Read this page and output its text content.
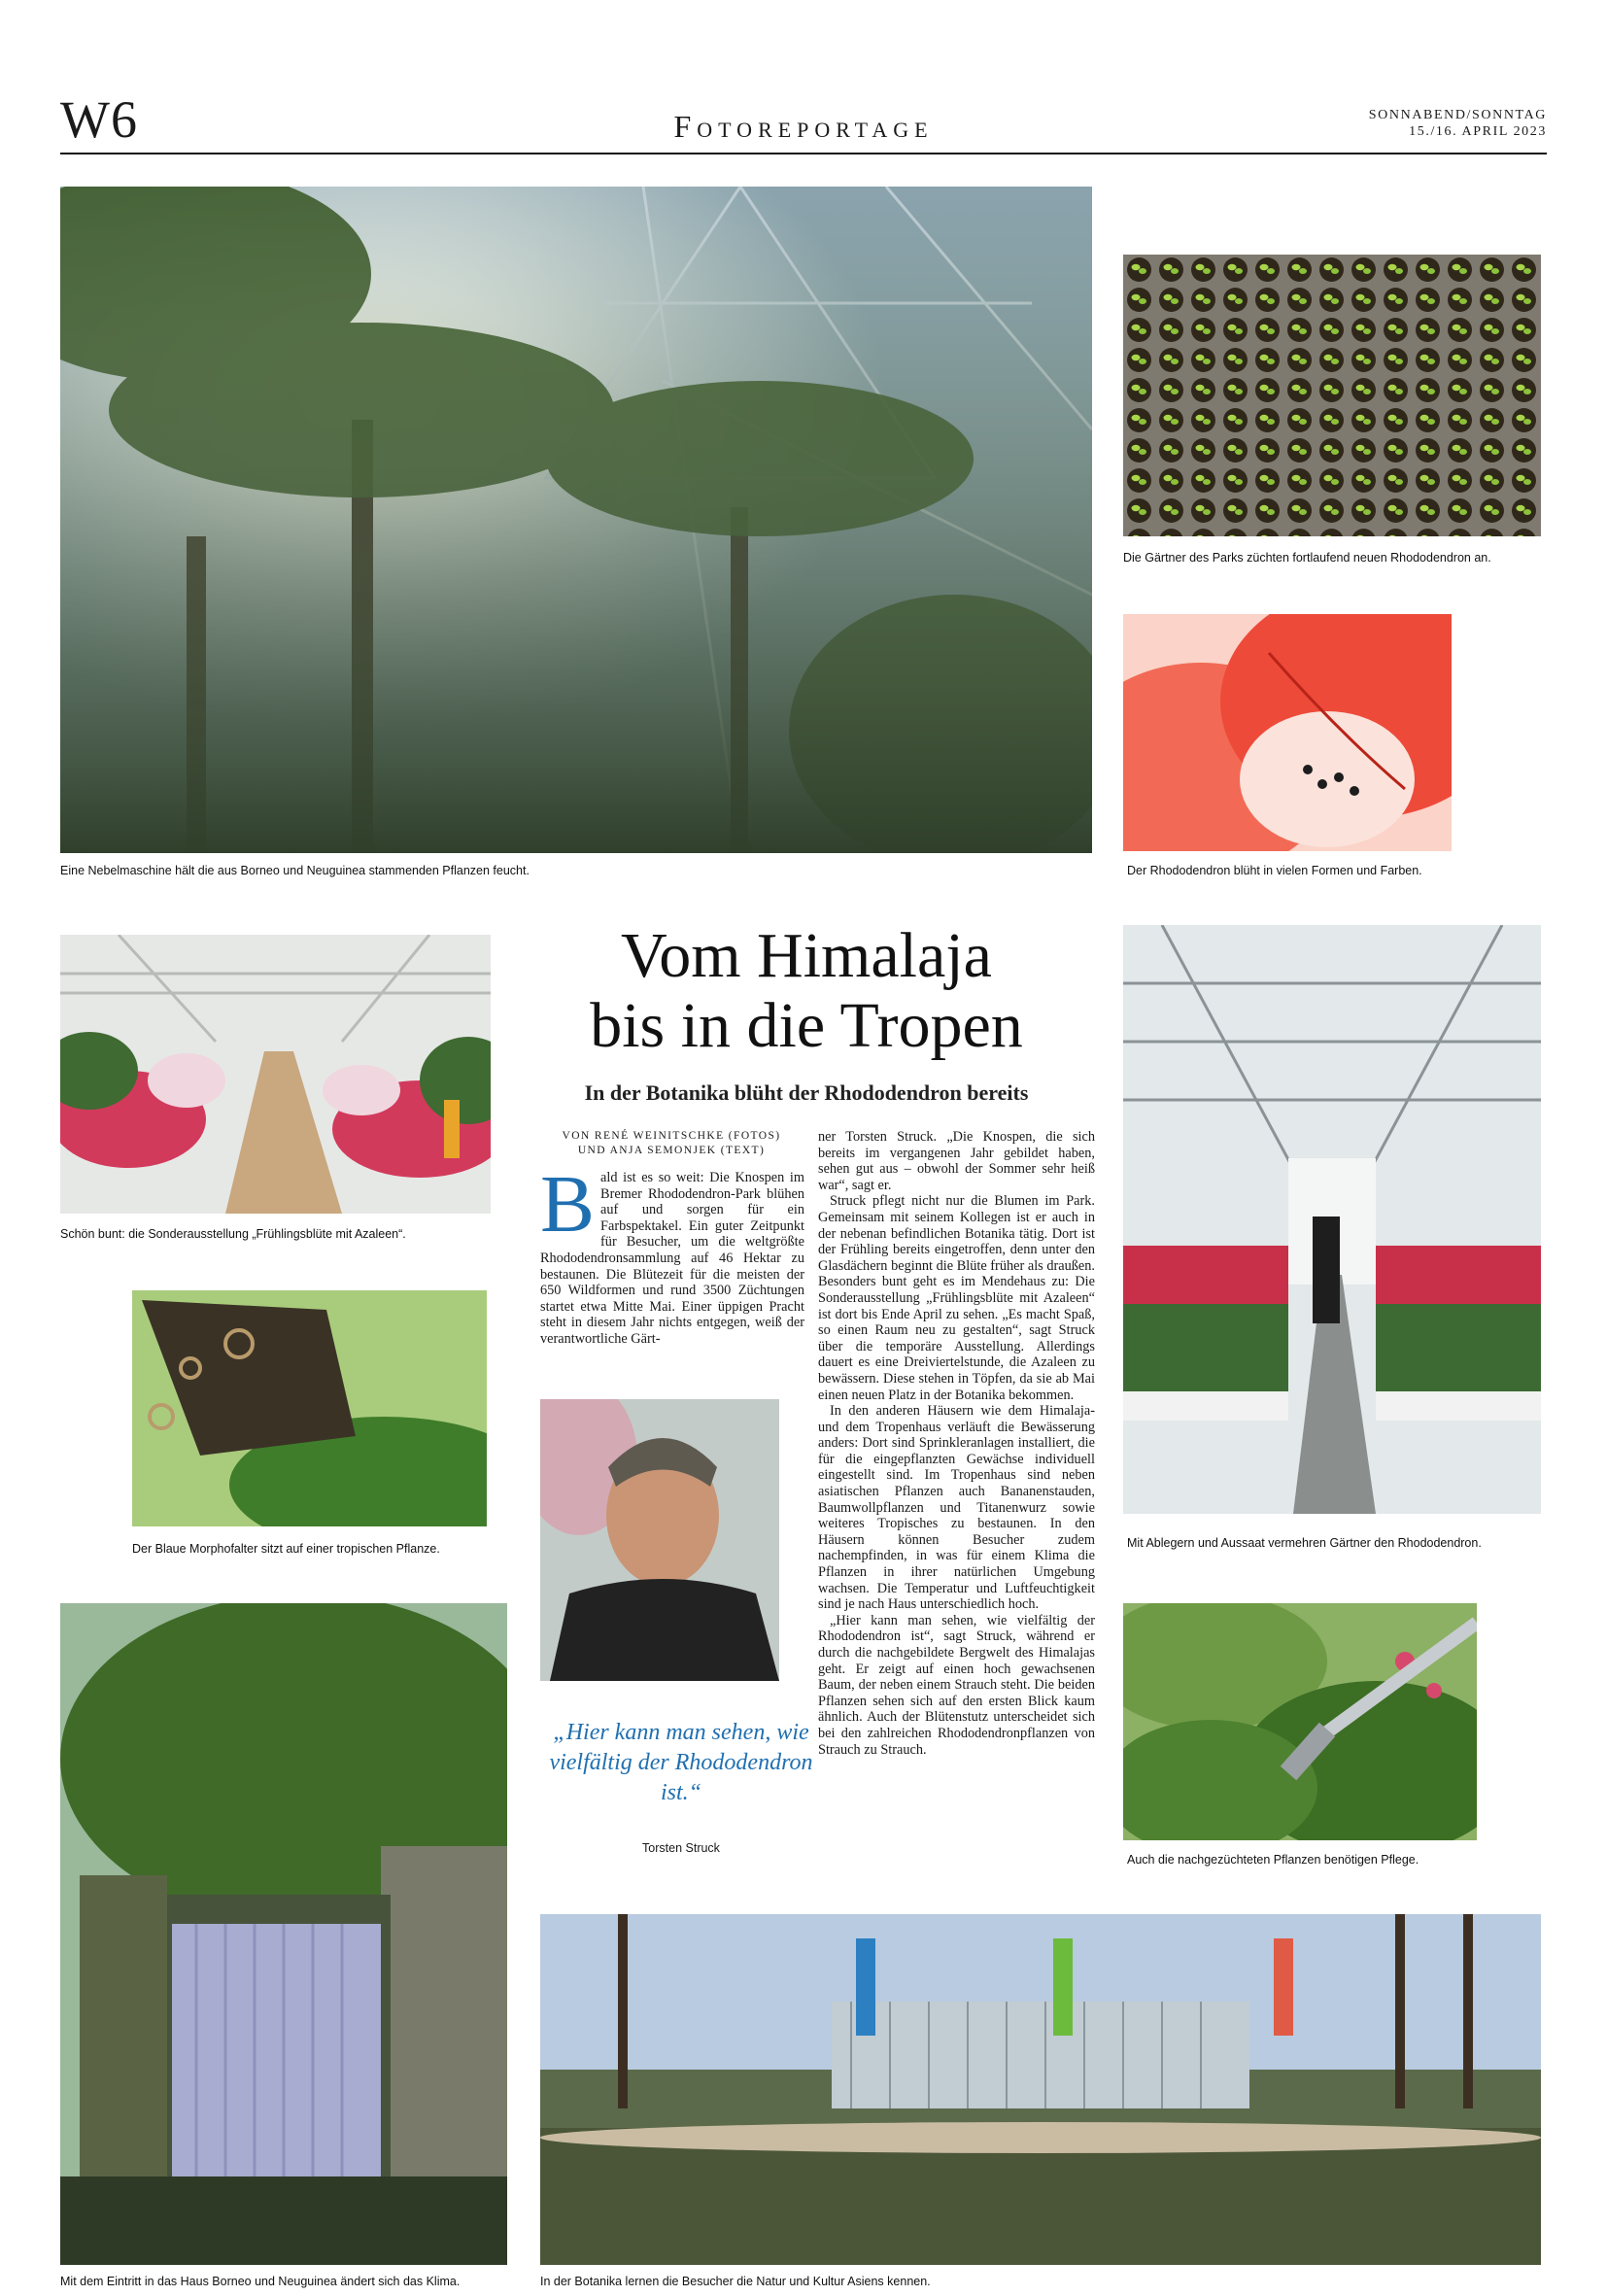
W6	Fotoreportage	SONNABEND/SONNTAG
15./16. APRIL 2023
Eine Nebelmaschine hält die aus Borneo und Neuguinea stammenden Pflanzen feucht.
Die Gärtner des Parks züchten fortlaufend neuen Rhododendron an.
Der Rhododendron blüht in vielen Formen und Farben.
Schön bunt: die Sonderausstellung „Frühlingsblüte mit Azaleen“.
Der Blaue Morphofalter sitzt auf einer tropischen Pflanze.
Mit dem Eintritt in das Haus Borneo und Neuguinea ändert sich das Klima.
Vom Himalaja
bis in die Tropen
In der Botanika blüht der Rhododendron bereits
VON RENÉ WEINITSCHKE (FOTOS)
UND ANJA SEMONJEK (TEXT)

Bald ist es so weit: Die Knospen im Bremer Rhododendron-Park blühen auf und sorgen für ein Farbspektakel. Ein guter Zeitpunkt für Besucher, um die weltgrößte Rhododendronsammlung auf 46 Hektar zu bestaunen. Die Blütezeit für die meisten der 650 Wildformen und rund 3500 Züchtungen startet etwa Mitte Mai. Einer üppigen Pracht steht in diesem Jahr nichts entgegen, weiß der verantwortliche Gärt-

„Hier kann man sehen, wie vielfältig der Rhododendron ist.“
Torsten Struck

ner Torsten Struck. „Die Knospen, die sich bereits im vergangenen Jahr gebildet haben, sehen gut aus – obwohl der Sommer sehr heiß war“, sagt er.

Struck pflegt nicht nur die Blumen im Park. Gemeinsam mit seinem Kollegen ist er auch in der nebenan befindlichen Botanika tätig. Dort ist der Frühling bereits eingetroffen, denn unter den Glasdächern beginnt die Blüte früher als draußen. Besonders bunt geht es im Mendehaus zu: Die Sonderausstellung „Frühlingsblüte mit Azaleen“ ist dort bis Ende April zu sehen. „Es macht Spaß, so einen Raum neu zu gestalten“, sagt Struck über die temporäre Ausstellung. Allerdings dauert es eine Dreiviertelstunde, die Azaleen zu bewässern. Diese stehen in Töpfen, da sie ab Mai einen neuen Platz in der Botanika bekommen.

In den anderen Häusern wie dem Himalaja- und dem Tropenhaus verläuft die Bewässerung anders: Dort sind Sprinkleranlagen installiert, die für die eingepflanzten Gewächse individuell eingestellt sind. Im Tropenhaus sind neben asiatischen Pflanzen auch Bananenstauden, Baumwollpflanzen und Titanenwurz sowie weiteres Tropisches zu bestaunen. In den Häusern können Besucher zudem nachempfinden, in was für einem Klima die Pflanzen in ihrer natürlichen Umgebung wachsen. Die Temperatur und Luftfeuchtigkeit sind je nach Haus unterschiedlich hoch.

„Hier kann man sehen, wie vielfältig der Rhododendron ist“, sagt Struck, während er durch die nachgebildete Bergwelt des Himalajas geht. Er zeigt auf einen hoch gewachsenen Baum, der neben einem Strauch steht. Die beiden Pflanzen sehen sich auf den ersten Blick kaum ähnlich. Auch der Blütenstutz unterscheidet sich bei den zahlreichen Rhododendronpflanzen von Strauch zu Strauch.

Mit Ablegern und Aussaat vermehren Gärtner den Rhododendron.
Auch die nachgezüchteten Pflanzen benötigen Pflege.
In der Botanika lernen die Besucher die Natur und Kultur Asiens kennen.
